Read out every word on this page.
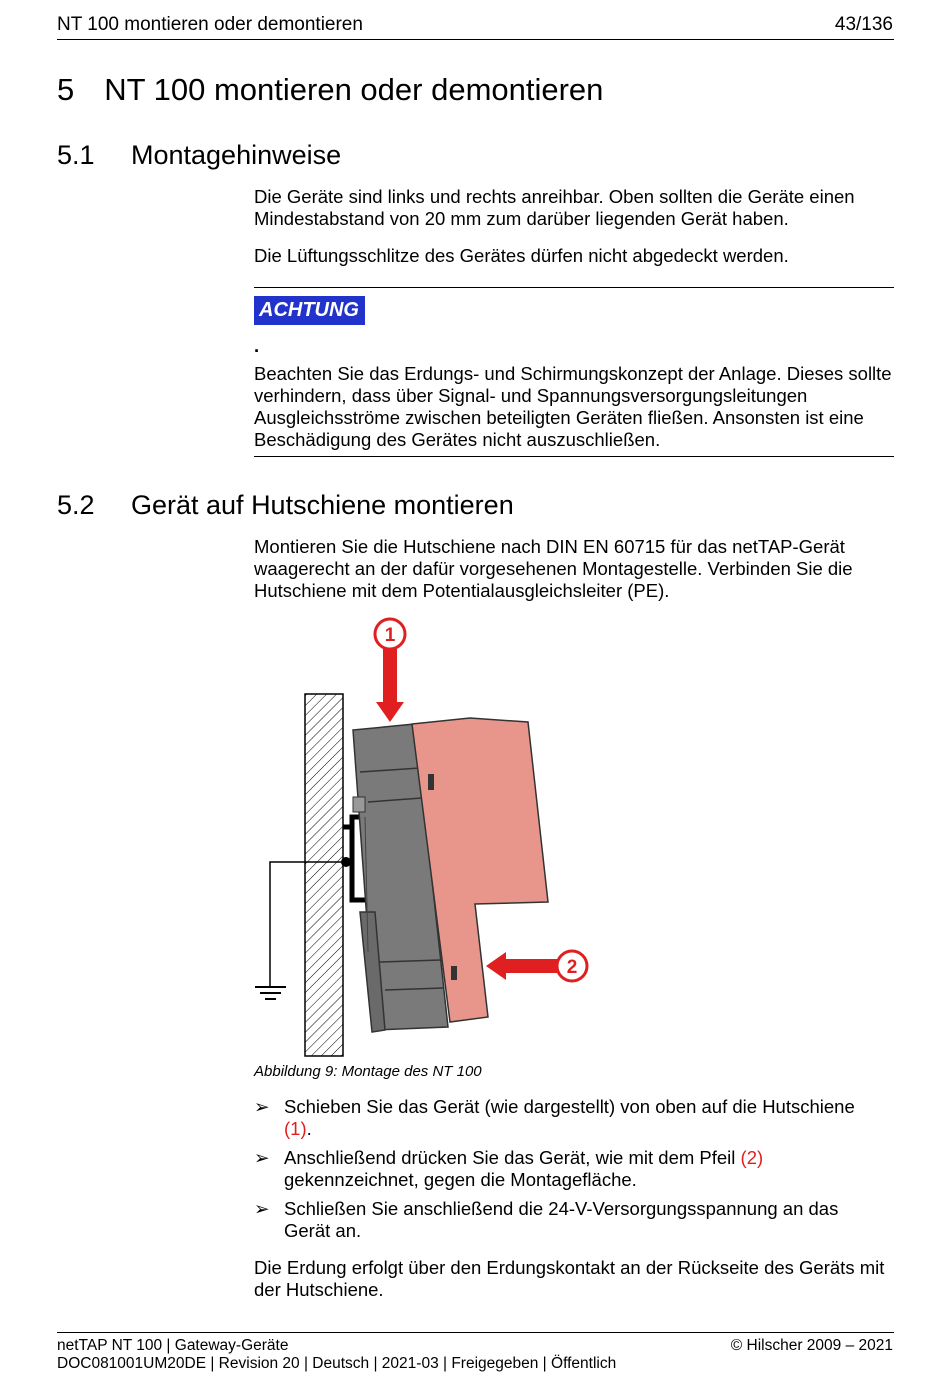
NT 100 montieren oder demontieren	43/136
5 NT 100 montieren oder demontieren
5.1 Montagehinweise
Die Geräte sind links und rechts anreihbar. Oben sollten die Geräte einen Mindestabstand von 20 mm zum darüber liegenden Gerät haben.
Die Lüftungsschlitze des Gerätes dürfen nicht abgedeckt werden.
ACHTUNG
.
Beachten Sie das Erdungs- und Schirmungskonzept der Anlage. Dieses sollte verhindern, dass über Signal- und Spannungsversorgungsleitungen Ausgleichsströme zwischen beteiligten Geräten fließen. Ansonsten ist eine Beschädigung des Gerätes nicht auszuschließen.
5.2 Gerät auf Hutschiene montieren
Montieren Sie die Hutschiene nach DIN EN 60715 für das netTAP-Gerät waagerecht an der dafür vorgesehenen Montagestelle. Verbinden Sie die Hutschiene mit dem Potentialausgleichsleiter (PE).
1
2
Abbildung 9: Montage des NT 100
➢ Schieben Sie das Gerät (wie dargestellt) von oben auf die Hutschiene (1).
➢ Anschließend drücken Sie das Gerät, wie mit dem Pfeil (2) gekennzeichnet, gegen die Montagefläche.
➢ Schließen Sie anschließend die 24-V-Versorgungsspannung an das Gerät an.
Die Erdung erfolgt über den Erdungskontakt an der Rückseite des Geräts mit der Hutschiene.
netTAP NT 100 | Gateway-Geräte	© Hilscher 2009 – 2021
DOC081001UM20DE | Revision 20 | Deutsch | 2021-03 | Freigegeben | Öffentlich
